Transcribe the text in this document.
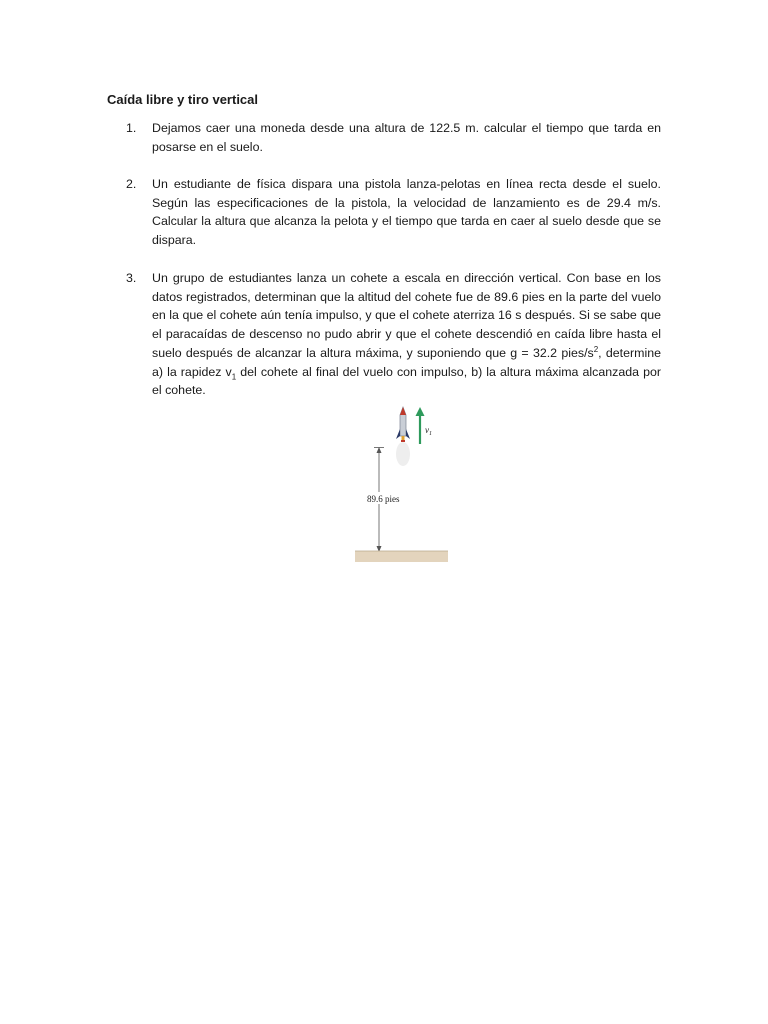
Caída libre y tiro vertical
1.	Dejamos caer una moneda desde una altura de 122.5 m. calcular el tiempo que tarda en posarse en el suelo.
2.	Un estudiante de física dispara una pistola lanza-pelotas en línea recta desde el suelo. Según las especificaciones de la pistola, la velocidad de lanzamiento es de 29.4 m/s. Calcular la altura que alcanza la pelota y el tiempo que tarda en caer al suelo desde que se dispara.
3.	Un grupo de estudiantes lanza un cohete a escala en dirección vertical. Con base en los datos registrados, determinan que la altitud del cohete fue de 89.6 pies en la parte del vuelo en la que el cohete aún tenía impulso, y que el cohete aterriza 16 s después. Si se sabe que el paracaídas de descenso no pudo abrir y que el cohete descendió en caída libre hasta el suelo después de alcanzar la altura máxima, y suponiendo que g = 32.2 pies/$s^2$, determine a) la rapidez $v_1$ del cohete al final del vuelo con impulso, b) la altura máxima alcanzada por el cohete.
$v_1$
89.6 pies
